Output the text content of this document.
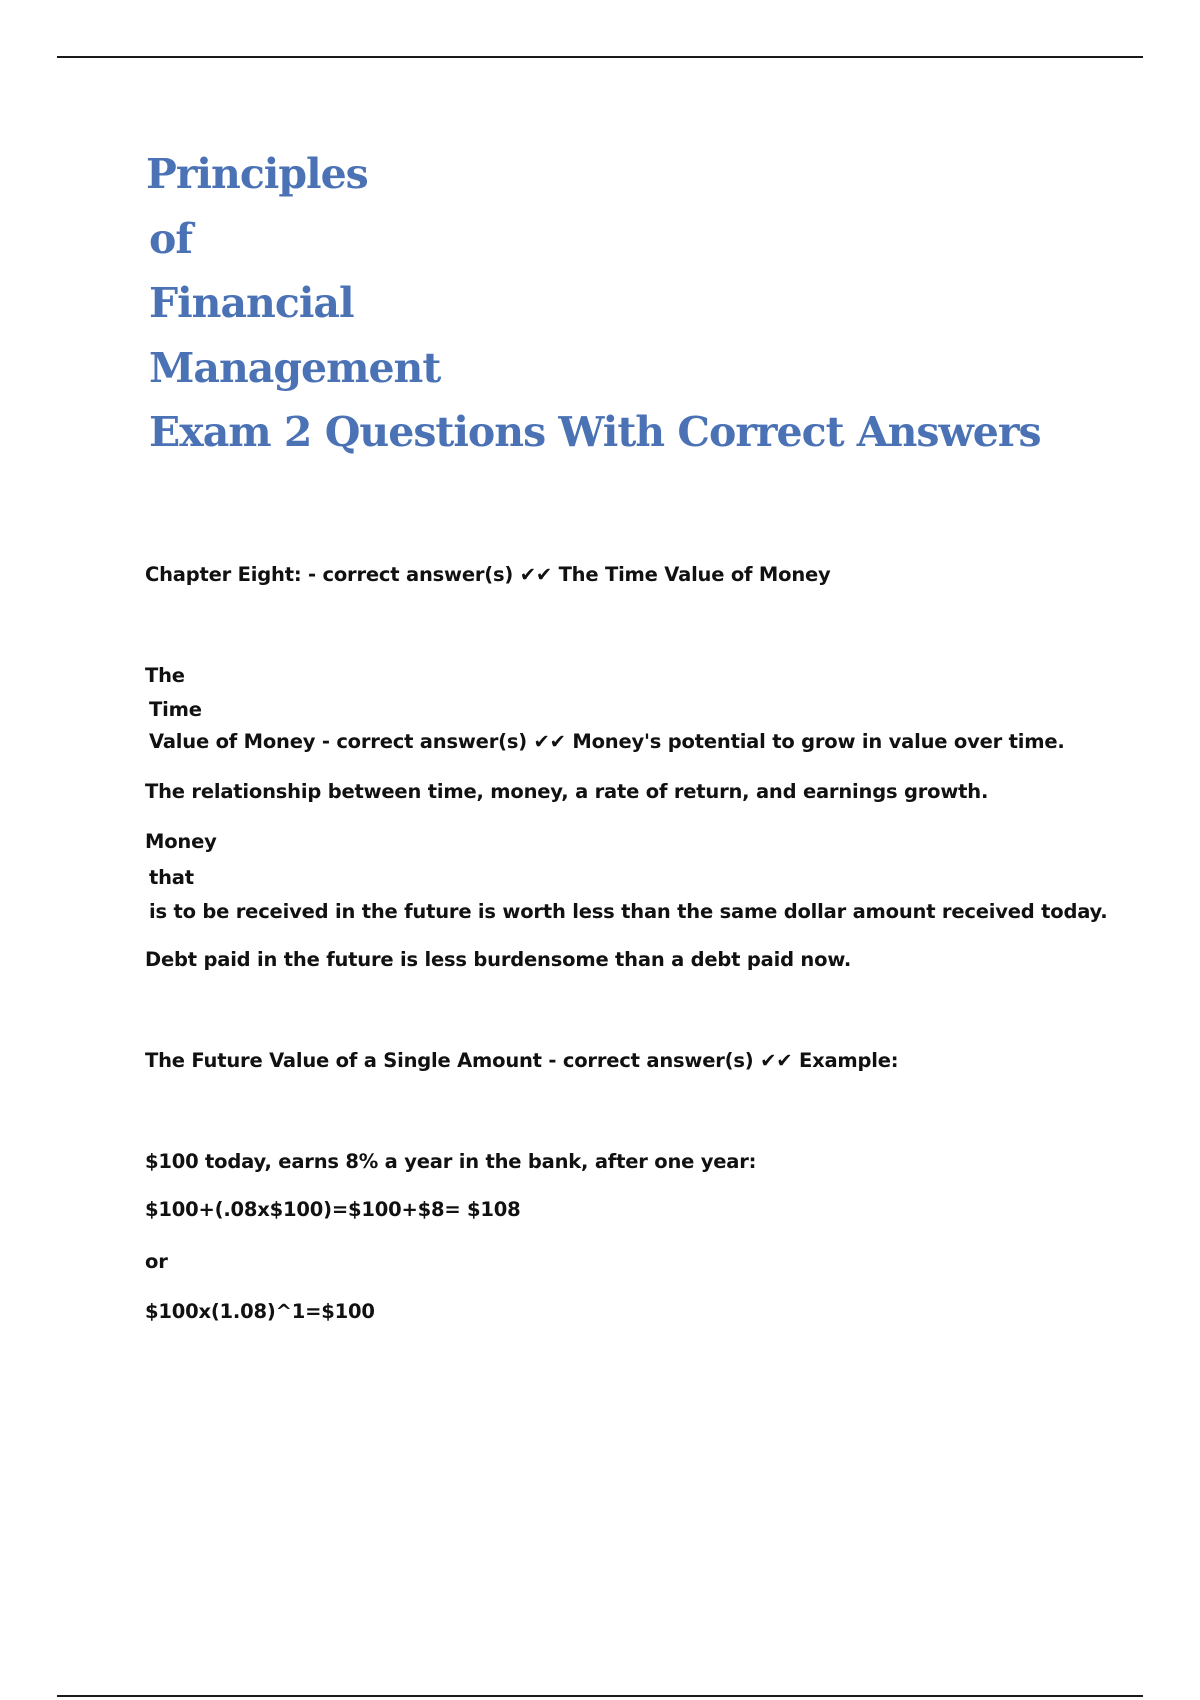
Principles
of
Financial
Management
Exam 2 Questions With Correct Answers

Chapter Eight: - correct answer(s) ✔✔ The Time Value of Money

The

Time

Value of Money - correct answer(s) ✔✔ Money's potential to grow in value over time.

The relationship between time, money, a rate of return, and earnings growth.

Money

that

is to be received in the future is worth less than the same dollar amount received today.

Debt paid in the future is less burdensome than a debt paid now.

The Future Value of a Single Amount - correct answer(s) ✔✔ Example:

$100 today, earns 8% a year in the bank, after one year:

$100+(.08x$100)=$100+$8= $108

or

$100x(1.08)^1=$100
